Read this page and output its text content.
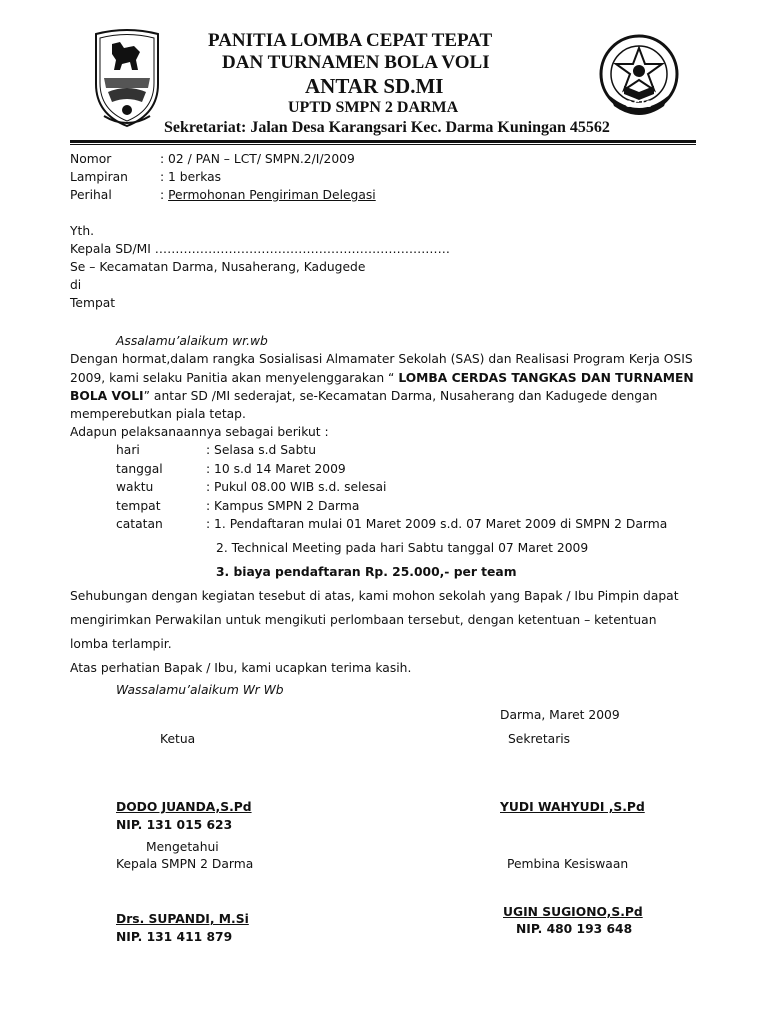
OSIS
PANITIA LOMBA CEPAT TEPAT
DAN TURNAMEN BOLA VOLI
ANTAR SD.MI
UPTD SMPN 2 DARMA
Sekretariat: Jalan Desa Karangsari Kec. Darma Kuningan 45562
Nomor	: 02 / PAN – LCT/ SMPN.2/I/2009
Lampiran	: 1 berkas
Perihal	: Permohonan Pengiriman Delegasi
Yth.
Kepala SD/MI ………………………………………………………………
Se – Kecamatan Darma, Nusaherang, Kadugede
di
Tempat
Assalamu’alaikum wr.wb
Dengan hormat,dalam rangka Sosialisasi Almamater Sekolah (SAS) dan Realisasi Program Kerja OSIS
2009, kami selaku Panitia akan menyelenggarakan “ LOMBA CERDAS TANGKAS DAN TURNAMEN
BOLA VOLI” antar SD /MI sederajat, se-Kecamatan Darma, Nusaherang dan Kadugede dengan
memperebutkan piala tetap.
Adapun pelaksanaannya sebagai berikut :
hari	: Selasa s.d Sabtu
tanggal	: 10 s.d 14 Maret 2009
waktu	: Pukul 08.00 WIB s.d. selesai
tempat	: Kampus SMPN 2 Darma
catatan	: 1. Pendaftaran mulai 01 Maret 2009 s.d. 07 Maret 2009 di SMPN 2 Darma
2. Technical Meeting pada hari Sabtu tanggal 07 Maret 2009
3. biaya pendaftaran Rp. 25.000,- per team
Sehubungan dengan kegiatan tesebut di atas, kami mohon sekolah yang Bapak / Ibu Pimpin dapat
mengirimkan Perwakilan untuk mengikuti perlombaan tersebut, dengan ketentuan – ketentuan
lomba terlampir.
Atas perhatian Bapak / Ibu, kami ucapkan terima kasih.
Wassalamu’alaikum Wr Wb
Darma, Maret 2009
Ketua	Sekretaris
DODO JUANDA,S.Pd
NIP. 131 015 623
YUDI WAHYUDI ,S.Pd
Mengetahui
Kepala SMPN 2 Darma	Pembina Kesiswaan
Drs. SUPANDI, M.Si
NIP. 131 411 879
UGIN SUGIONO,S.Pd
NIP. 480 193 648
